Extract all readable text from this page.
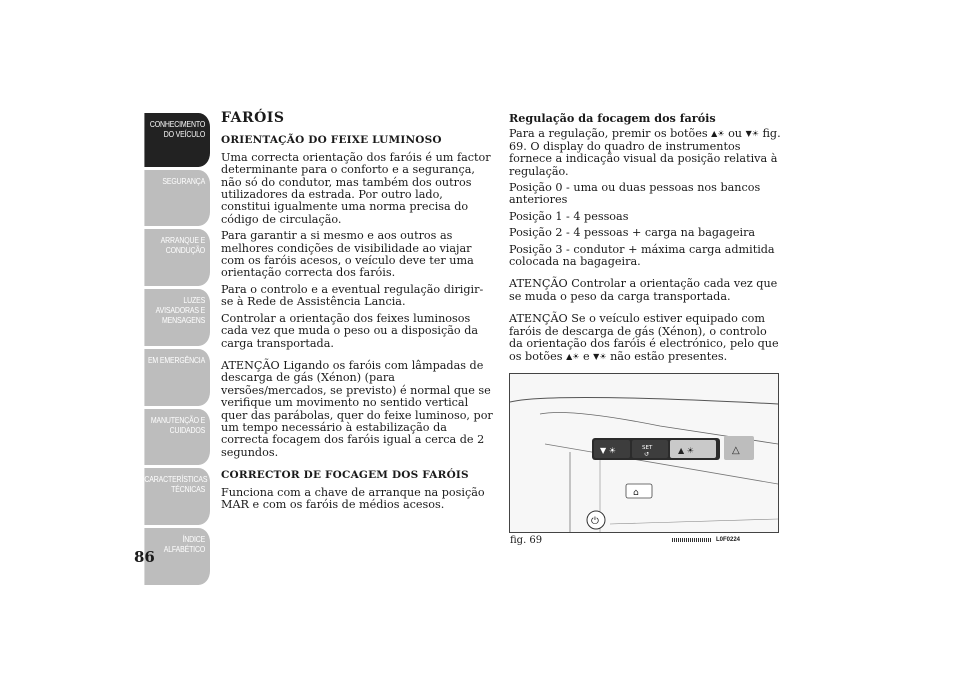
CONHECIMENTO
DO VEÍCULO
SEGURANÇA
ARRANQUE E
CONDUÇÃO
LUZES
AVISADORAS E
MENSAGENS
EM EMERGÊNCIA
MANUTENÇÃO E
CUIDADOS
CARACTERÍSTICAS
TÉCNICAS
ÍNDICE
ALFABÉTICO
86
FARÓIS
ORIENTAÇÃO DO FEIXE LUMINOSO

Uma correcta orientação dos faróis é um factor determinante para o conforto e a segurança, não só do condutor, mas também dos outros utilizadores da estrada. Por outro lado, constitui igualmente uma norma precisa do código de circulação.

Para garantir a si mesmo e aos outros as melhores condições de visibilidade ao viajar com os faróis acesos, o veículo deve ter uma orientação correcta dos faróis.

Para o controlo e a eventual regulação dirigir-se à Rede de Assistência Lancia.

Controlar a orientação dos feixes luminosos cada vez que muda o peso ou a disposição da carga transportada.

ATENÇÃO Ligando os faróis com lâmpadas de descarga de gás (Xénon) (para versões/mercados, se previsto) é normal que se verifique um movimento no sentido vertical quer das parábolas, quer do feixe luminoso, por um tempo necessário à estabilização da correcta focagem dos faróis igual a cerca de 2 segundos.

CORRECTOR DE FOCAGEM DOS FARÓIS

Funciona com a chave de arranque na posição MAR e com os faróis de médios acesos.

Regulação da focagem dos faróis

Para a regulação, premir os botões ▲☀ ou ▼☀ fig. 69. O display do quadro de instrumentos fornece a indicação visual da posição relativa à regulação.

Posição 0 - uma ou duas pessoas nos bancos anteriores

Posição 1 - 4 pessoas

Posição 2 - 4 pessoas + carga na bagageira

Posição 3 - condutor + máxima carga admitida colocada na bagageira.

ATENÇÃO Controlar a orientação cada vez que se muda o peso da carga transportada.

ATENÇÃO Se o veículo estiver equipado com faróis de descarga de gás (Xénon), o controlo da orientação dos faróis é electrónico, pelo que os botões ▲☀ e ▼☀ não estão presentes.

▼ ☀	SET
↺	▲ ☀	△
⌂
⏻
fig. 69	L0F0224
